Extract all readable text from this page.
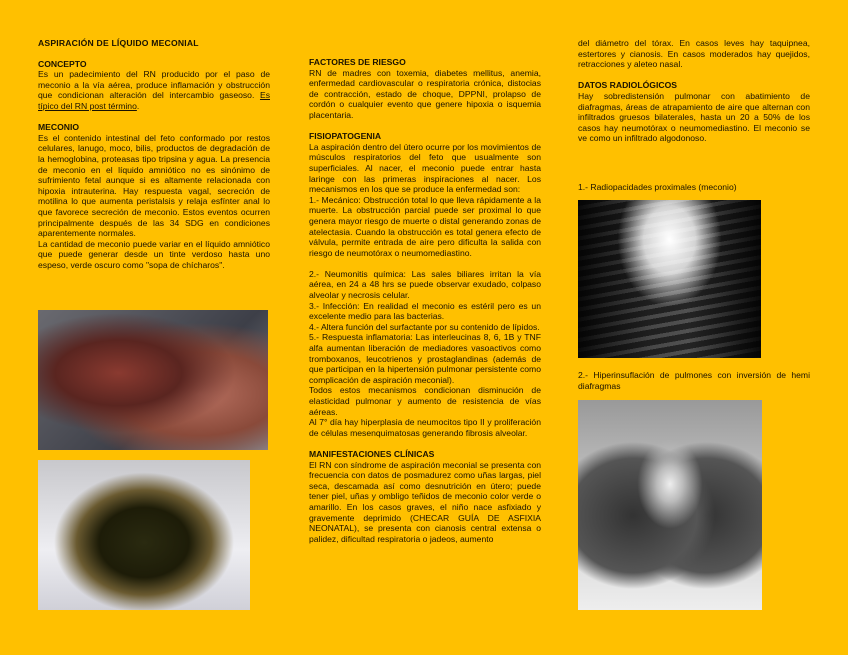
ASPIRACIÓN DE LÍQUIDO MECONIAL
CONCEPTO

Es un padecimiento del RN producido por el paso de meconio a la vía aérea, produce inflamación y obstrucción que condicionan alteración del intercambio gaseoso. Es típico del RN post término.

MECONIO

Es el contenido intestinal del feto conformado por restos celulares, lanugo, moco, bilis, productos de degradación de la hemoglobina, proteasas tipo tripsina y agua. La presencia de meconio en el líquido amniótico no es sinónimo de sufrimiento fetal aunque si es altamente relacionada con hipoxia intrauterina. Hay respuesta vagal, secreción de motilina lo que aumenta peristalsis y relaja esfínter anal lo que favorece secreción de meconio. Estos eventos ocurren principalmente después de las 34 SDG en condiciones aparentemente normales.

La cantidad de meconio puede variar en el líquido amniótico que puede generar desde un tinte verdoso hasta uno espeso, verde oscuro como "sopa de chícharos".

FACTORES DE RIESGO

RN de madres con toxemia, diabetes mellitus, anemia, enfermedad cardiovascular o respiratoria crónica, distocias de contracción, estado de choque, DPPNI, prolapso de cordón o cualquier evento que genere hipoxia o isquemia placentaria.

FISIOPATOGENIA

La aspiración dentro del útero ocurre por los movimientos de músculos respiratorios del feto que usualmente son superficiales. Al nacer, el meconio puede entrar hasta laringe con las primeras inspiraciones al nacer. Los mecanismos en los que se produce la enfermedad son:

1.- Mecánico: Obstrucción total lo que lleva rápidamente a la muerte. La obstrucción parcial puede ser proximal lo que genera mayor riesgo de muerte o distal generando zonas de atelectasia. Cuando la obstrucción es total genera efecto de válvula, permite entrada de aire pero dificulta la salida con riesgo de neumotórax o neumomediastino.

2.- Neumonitis química: Las sales biliares irritan la vía aérea, en 24 a 48 hrs se puede observar exudado, colpaso alveolar y necrosis celular.

3.- Infección: En realidad el meconio es estéril pero es un excelente medio para las bacterias.

4.- Altera función del surfactante por su contenido de lípidos.

5.- Respuesta inflamatoria: Las interleucinas 8, 6, 1B y TNF alfa aumentan liberación de mediadores vasoactivos como tromboxanos, leucotrienos y prostaglandinas (además de que participan en la hipertensión pulmonar persistente como complicación de aspiración meconial).

Todos estos mecanismos condicionan disminución de elasticidad pulmonar y aumento de resistencia de vías aéreas.

Al 7° día hay hiperplasia de neumocitos tipo II y proliferación de células mesenquimatosas generando fibrosis alveolar.

MANIFESTACIONES CLÍNICAS

El RN con síndrome de aspiración meconial se presenta con frecuencia con datos de posmadurez como uñas largas, piel seca, descamada así como desnutrición en útero; puede tener piel, uñas y ombligo teñidos de meconio color verde o amarillo. En los casos graves, el niño nace asfixiado y gravemente deprimido (CHECAR GUÍA DE ASFIXIA NEONATAL), se presenta con cianosis central extensa o palidez, dificultad respiratoria o jadeos, aumento

del diámetro del tórax. En casos leves hay taquipnea, estertores y cianosis. En casos moderados hay quejidos, retracciones y aleteo nasal.

DATOS RADIOLÓGICOS

Hay sobredistensión pulmonar con abatimiento de diafragmas, áreas de atrapamiento de aire que alternan con infiltrados gruesos bilaterales, hasta un 20 a 50% de los casos hay neumotórax o neumomediastino. El meconio se ve como un infiltrado algodonoso.

1.- Radiopacidades proximales (meconio)

2.- Hiperinsuflación de pulmones con inversión de hemi diafragmas
